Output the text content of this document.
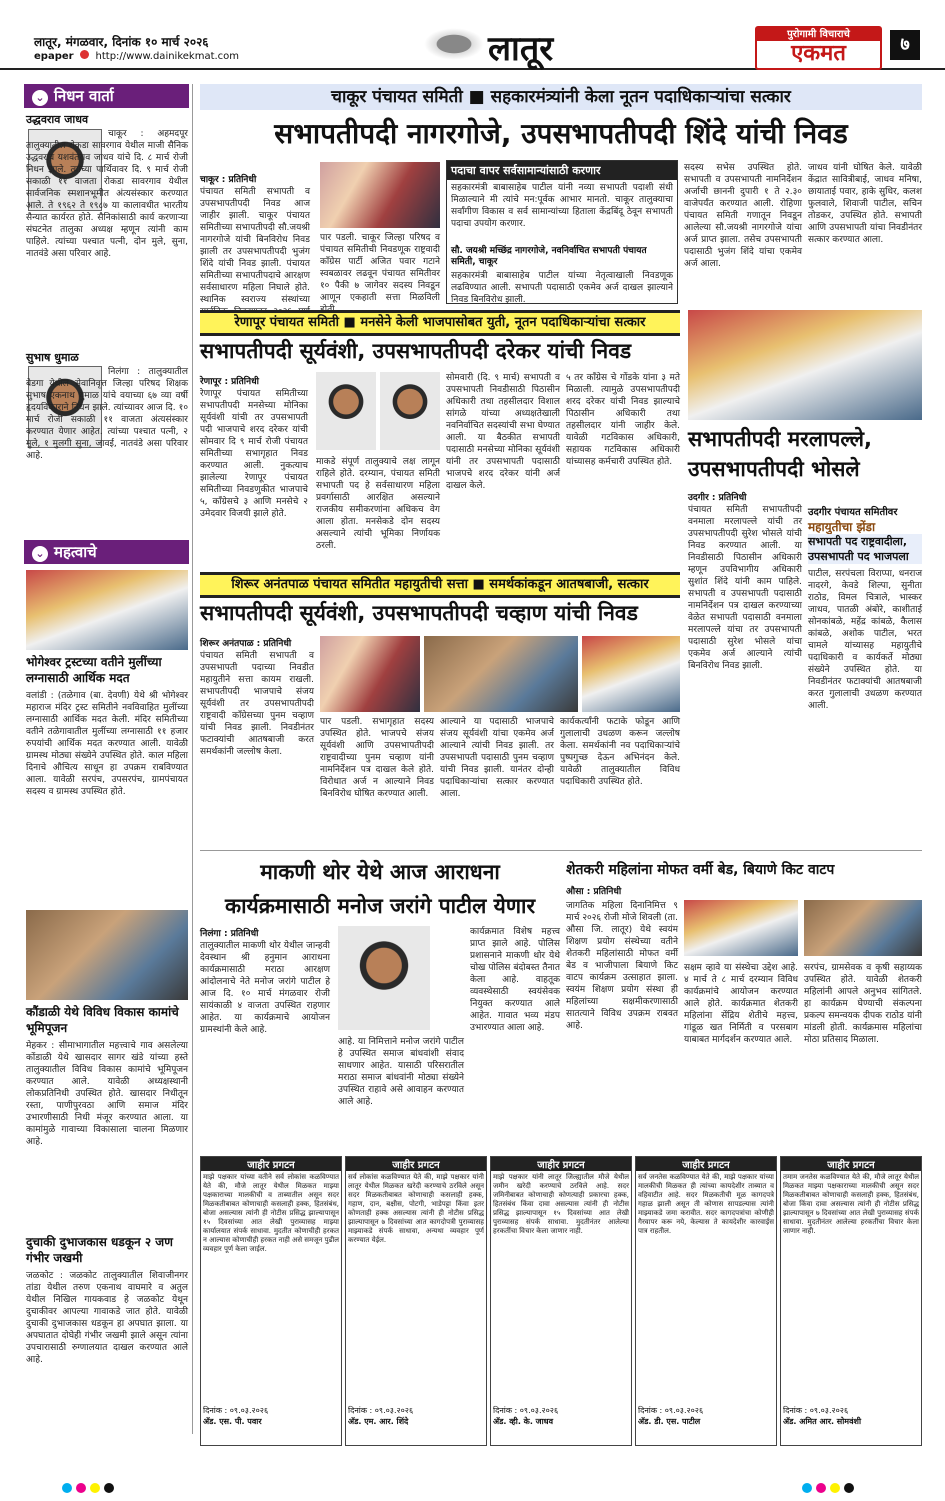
लातूर, मंगळवार, दिनांक १० मार्च २०२६
epaper http://www.dainikekmat.com	लातूर	पुरोगामी विचाराचे
एकमत	७
⌄ निधन वार्ता
उद्धवराव जाधव
चाकूर : अहमदपूर तालुक्यातील रोकडा सावरगाव येथील माजी सैनिक उद्धवराव यशवंतराव जाधव यांचे दि. ८ मार्च रोजी निधन झाले. त्यांच्या पार्थिवावर दि. ९ मार्च रोजी सकाळी ११ वाजता रोकडा सावरगाव येथील सार्वजनिक स्मशानभूमीत अंत्यसंस्कार करण्यात आले. ते १९६२ ते १९८७ या कालावधीत भारतीय सैन्यात कार्यरत होते. सैनिकांसाठी कार्य करणाऱ्या संघटनेत तालुका अध्यक्ष म्हणून त्यांनी काम पाहिले. त्यांच्या पश्चात पत्नी, दोन मुले, सुना, नातवंडे असा परिवार आहे.
सुभाष धुमाळ
निलंगा : तालुक्यातील बेडगा येथील सेवानिवृत्त जिल्हा परिषद शिक्षक सुभाष एकनाथ धुमाळ यांचे वयाच्या ६७ व्या वर्षी हृदयविकाराने निधन झाले. त्यांच्यावर आज दि. १० मार्च रोजी सकाळी ११ वाजता अंत्यसंस्कार करण्यात येणार आहेत. त्यांच्या पश्चात पत्नी, २ मुले, १ मुलगी सुना, जावई, नातवंडे असा परिवार आहे.
⌄ महत्वाचे
भोगेश्वर ट्रस्टच्या वतीने मुलींच्या लग्नासाठी आर्थिक मदत
वलांडी : (तळेगाव (बा. देवणी) येथे श्री भोगेश्वर महाराज मंदिर ट्रस्ट समितीने नवविवाहित मुलींच्या लग्नासाठी आर्थिक मदत केली. मंदिर समितीच्या वतीने तळेगावातील मुलींच्या लग्नासाठी ११ हजार रुपयांची आर्थिक मदत करण्यात आली. यावेळी ग्रामस्थ मोठ्या संख्येने उपस्थित होते. काल महिला दिनाचे औचित्य साधून हा उपक्रम राबविण्यात आला. यावेळी सरपंच, उपसरपंच, ग्रामपंचायत सदस्य व ग्रामस्थ उपस्थित होते.
कौंडाळी येथे विविध विकास कामांचे भूमिपूजन
मेहकर : सीमाभागातील महत्त्वाचे गाव असलेल्या कोंडाळी येथे खासदार सागर खंडे यांच्या हस्ते तालुक्यातील विविध विकास कामांचे भूमिपूजन करण्यात आले. यावेळी अध्यक्षस्थानी लोकप्रतिनिधी उपस्थित होते. खासदार निधीतून रस्ता, पाणीपुरवठा आणि समाज मंदिर उभारणीसाठी निधी मंजूर करण्यात आला. या कामांमुळे गावाच्या विकासाला चालना मिळणार आहे.
दुचाकी दुभाजकास धडकून २ जण गंभीर जखमी
जळकोट : जळकोट तालुक्यातील शिवाजीनगर तांडा येथील तरुण एकनाथ वाघमारे व अतुल येथील निखिल गायकवाड हे जळकोट येथून दुचाकीवर आपल्या गावाकडे जात होते. यावेळी दुचाकी दुभाजकास धडकून हा अपघात झाला. या अपघातात दोघेही गंभीर जखमी झाले असून त्यांना उपचारासाठी रुग्णालयात दाखल करण्यात आले आहे.
चाकूर पंचायत समिती ■ सहकारमंत्र्यांनी केला नूतन पदाधिकाऱ्यांचा सत्कार
सभापतीपदी नागरगोजे, उपसभापतीपदी शिंदे यांची निवड
चाकूर : प्रतिनिधी
पंचायत समिती सभापती व उपसभापतीपदी निवड आज जाहीर झाली. चाकूर पंचायत समितीच्या सभापतीपदी सौ.जयश्री नागरगोजे यांची बिनविरोध निवड झाली तर उपसभापतीपदी भुजंग शिंदे यांची निवड झाली. पंचायत समितीच्या सभापतीपदाचे आरक्षण सर्वसाधारण महिला निघाले होते. स्थानिक स्वराज्य संस्थांच्या
पार पडली. चाकूर जिल्हा परिषद व पंचायत समितीची निवडणूक राष्ट्रवादी काँग्रेस पार्टी अजित पवार गटाने स्वबळावर लढवून पंचायत समितीवर १० पैकी ७ जागेवर सदस्य निवडून आणून एकहाती सत्ता मिळविली
पदाचा वापर सर्वसामान्यांसाठी करणार
सहकारमंत्री बाबासाहेब पाटील यांनी नव्या सभापती पदाशी संधी मिळाल्याने मी त्यांचे मन:पूर्वक आभार मानतो. चाकूर तालुक्याचा सर्वांगीण विकास व सर्व सामान्यांच्या हिताला केंद्रबिंदू ठेवून सभापती पदाचा उपयोग करणार.
सौ. जयश्री मच्छिंद्र नागरगोजे, नवनिर्वाचित सभापती पंचायत समिती, चाकूर
सहकारमंत्री बाबासाहेब पाटील यांच्या नेतृत्वाखाली निवडणूक लढविण्यात आली. सभापती पदासाठी एकमेव अर्ज दाखल झाल्याने निवड बिनविरोध झाली.
सदस्य सभेस उपस्थित होते. सभापती व उपसभापती नामनिर्देशन अर्जाची छाननी दुपारी १ ते २.३० वाजेपर्यंत करण्यात आली. रोहिणा पंचायत समिती गणातून निवडून आलेल्या सौ.जयश्री नागरगोजे यांचा अर्ज प्राप्त झाला. तसेच उपसभापती पदासाठी भुजंग शिंदे यांचा एकमेव अर्ज आला.
जाधव यांनी घोषित केले. यावेळी केंद्रात सावित्रीबाई, जाधव मनिषा, छायाताई पवार, हाके सुधिर, कलश फुलवाले, शिवाजी पाटील, सचिन तोडकर, उपस्थित होते. सभापती आणि उपसभापती यांचा निवडीनंतर सत्कार करण्यात आला.
रेणापूर पंचायत समिती ■ मनसेने केली भाजपासोबत युती, नूतन पदाधिकाऱ्यांचा सत्कार
सभापतीपदी सूर्यवंशी, उपसभापतीपदी दरेकर यांची निवड
रेणापूर : प्रतिनिधी
रेणापूर पंचायत समितीच्या सभापतीपदी मनसेच्या मोनिका सूर्यवंशी यांची तर उपसभापती पदी भाजपाचे शरद दरेकर यांची सोमवार दि ९ मार्च रोजी पंचायत समितीच्या सभागृहात निवड करण्यात आली. नुकत्याच झालेल्या रेणापूर पंचायत समितीच्या निवडणुकीत भाजपाचे ५, काँग्रेसचे ३ आणि मनसेचे २ उमेदवार विजयी झाले होते.
माकडे संपूर्ण तालुक्याचे लक्ष लागून राहिले होते. दरम्यान, पंचायत समिती सभापती पद हे सर्वसाधारण महिला प्रवर्गासाठी आरक्षित असल्याने राजकीय समीकरणांना अधिकच वेग आला होता. मनसेकडे दोन सदस्य असल्याने त्यांची भूमिका निर्णायक ठरली.
सोमवारी (दि. ९ मार्च) सभापती व उपसभापती निवडीसाठी पिठासीन अधिकारी तथा तहसीलदार विशाल सांगळे यांच्या अध्यक्षतेखाली नवनिर्वाचित सदस्यांची सभा घेण्यात आली. या बैठकीत सभापती पदासाठी मनसेच्या मोनिका सूर्यवंशी यांनी तर उपसभापती पदासाठी भाजपचे शरद दरेकर यांनी अर्ज दाखल केले.
५ तर काँग्रेस चे गोंडके यांना ३ मते मिळाली. त्यामुळे उपसभापतीपदी शरद दरेकर यांची निवड झाल्याचे पिठासीन अधिकारी तथा तहसीलदार यांनी जाहीर केले. यावेळी गटविकास अधिकारी, सहायक गटविकास अधिकारी यांच्यासह कर्मचारी उपस्थित होते.
सभापतीपदी मरलापल्ले, उपसभापतीपदी भोसले
उदगीर : प्रतिनिधी
उदगीर पंचायत समितीवर
महायुतीचा झेंडा
सभापती पद राष्ट्रवादीला, उपसभापती पद भाजपला
पंचायत समिती सभापतीपदी वनमाला मरलापल्ले यांची तर उपसभापतीपदी सुरेश भोसले यांची निवड करण्यात आली. या निवडीसाठी पिठासीन अधिकारी म्हणून उपविभागीय अधिकारी सुशांत शिंदे यांनी काम पाहिले. सभापती व उपसभापती पदासाठी नामनिर्देशन पत्र दाखल करण्याच्या वेळेत सभापती पदासाठी वनमाला मरलापल्ले यांचा तर उपसभापती पदासाठी सुरेश भोसले यांचा एकमेव अर्ज आल्याने त्यांची बिनविरोध निवड झाली.
पाटील, सरपंचला विराप्पा, धनराज नादरगे, केवडे शिल्पा, सुनीता राठोड, विमल चित्राले, भास्कर जाधव, पातळी अंबोरे, काशीताई सोनकांबळे, महेंद्र कांबळे, कैलास कांबळे, अशोक पाटील, भरत चामले यांच्यासह महायुतीचे पदाधिकारी व कार्यकर्ते मोठ्या संख्येने उपस्थित होते. या निवडीनंतर फटाक्यांची आतषबाजी करत गुलालाची उधळण करण्यात आली.
शिरूर अनंतपाळ पंचायत समितीत महायुतीची सत्ता ■ समर्थकांकडून आतषबाजी, सत्कार
सभापतीपदी सूर्यवंशी, उपसभापतीपदी चव्हाण यांची निवड
शिरूर अनंतपाळ : प्रतिनिधी
पंचायत समिती सभापती व उपसभापती पदाच्या निवडीत महायुतीने सत्ता कायम राखली. सभापतीपदी भाजपाचे संजय सूर्यवंशी तर उपसभापतीपदी राष्ट्रवादी काँग्रेसच्या पुनम चव्हाण यांची निवड झाली. निवडीनंतर फटाक्यांची आतषबाजी करत समर्थकांनी जल्लोष केला.
पार पडली. सभागृहात सदस्य उपस्थित होते. भाजपचे संजय सूर्यवंशी आणि उपसभापतीपदी राष्ट्रवादीच्या पुनम चव्हाण यांनी नामनिर्देशन पत्र दाखल केले होते. विरोधात अर्ज न आल्याने निवड बिनविरोध घोषित करण्यात आली.
आल्याने या पदासाठी भाजपाचे संजय सूर्यवंशी यांचा एकमेव अर्ज आल्याने त्यांची निवड झाली. तर उपसभापती पदासाठी पुनम चव्हाण यांची निवड झाली. यानंतर दोन्ही पदाधिकाऱ्यांचा सत्कार करण्यात आला.
कार्यकर्त्यांनी फटाके फोडून आणि गुलालाची उधळण करून जल्लोष केला. समर्थकांनी नव पदाधिकाऱ्यांचे पुष्पगुच्छ देऊन अभिनंदन केले. यावेळी तालुक्यातील विविध पदाधिकारी उपस्थित होते.
माकणी थोर येथे आज आराधना
कार्यक्रमासाठी मनोज जरांगे पाटील येणार
निलंगा : प्रतिनिधी
तालुक्यातील माकणी थोर येथील जान्हवी देवस्थान श्री हनुमान आराधना कार्यक्रमासाठी मराठा आरक्षण आंदोलनाचे नेते मनोज जरांगे पाटील हे आज दि. १० मार्च मंगळवार रोजी सायंकाळी ४ वाजता उपस्थित राहणार आहेत. या कार्यक्रमाचे आयोजन ग्रामस्थांनी केले आहे.
आहे. या निमित्ताने मनोज जरांगे पाटील हे उपस्थित समाज बांधवांशी संवाद साधणार आहेत. यासाठी परिसरातील मराठा समाज बांधवांनी मोठ्या संख्येने उपस्थित राहावे असे आवाहन करण्यात आले आहे.
कार्यक्रमात विशेष महत्त्व प्राप्त झाले आहे. पोलिस प्रशासनाने माकणी थोर येथे चोख पोलिस बंदोबस्त तैनात केला आहे. वाहतूक व्यवस्थेसाठी स्वयंसेवक नियुक्त करण्यात आले आहेत. गावात भव्य मंडप उभारण्यात आला आहे.
शेतकरी महिलांना मोफत वर्मी बेड, बियाणे किट वाटप
औसा : प्रतिनिधी
जागतिक महिला दिनानिमित्त ९ मार्च २०२६ रोजी मोजे शिवली (ता. औसा जि. लातूर) येथे स्वयंम शिक्षण प्रयोग संस्थेच्या वतीने शेतकरी महिलांसाठी मोफत वर्मी बेड व भाजीपाला बियाणे किट वाटप कार्यक्रम उत्साहात झाला. स्वयंम शिक्षण प्रयोग संस्था ही महिलांच्या सक्षमीकरणासाठी सातत्याने विविध उपक्रम राबवत आहे.
सक्षम व्हावे या संस्थेचा उद्देश आहे. ४ मार्च ते ८ मार्च दरम्यान विविध कार्यक्रमांचे आयोजन करण्यात आले होते. कार्यक्रमात शेतकरी महिलांना सेंद्रिय शेतीचे महत्त्व, गांडूळ खत निर्मिती व परसबाग याबाबत मार्गदर्शन करण्यात आले.
सरपंच, ग्रामसेवक व कृषी सहाय्यक उपस्थित होते. यावेळी शेतकरी महिलांनी आपले अनुभव सांगितले. हा कार्यक्रम घेण्याची संकल्पना प्रकल्प समन्वयक दीपक राठोड यांनी मांडली होती. कार्यक्रमास महिलांचा मोठा प्रतिसाद मिळाला.
जाहीर प्रगटन
माझे पक्षकार यांच्या वतीने सर्व लोकांस कळविण्यात येते की, मौजे लातूर येथील मिळकत माझ्या पक्षकाराच्या मालकीची व ताब्यातील असून सदर मिळकतीबाबत कोणाचाही कसलाही हक्क, हितसंबंध, बोजा असल्यास त्यांनी ही नोटीस प्रसिद्ध झाल्यापासून १५ दिवसांच्या आत लेखी पुराव्यासह माझ्या कार्यालयात संपर्क साधावा. मुदतीत कोणाचीही हरकत न आल्यास कोणाचीही हरकत नाही असे समजून पुढील व्यवहार पूर्ण केला जाईल.
दिनांक : ०९.०३.२०२६
अ‍ॅड. एस. पी. पवार
जाहीर प्रगटन
सर्व लोकांस कळविण्यात येते की, माझे पक्षकार यांनी लातूर येथील मिळकत खरेदी करण्याचे ठरविले असून सदर मिळकतीबाबत कोणाचाही कसलाही हक्क, गहाण, दान, बक्षीस, पोटगी, भाडेपट्टा किंवा इतर कोणताही हक्क असल्यास त्यांनी ही नोटीस प्रसिद्ध झाल्यापासून ७ दिवसांच्या आत कागदोपत्री पुराव्यासह माझ्याकडे संपर्क साधावा, अन्यथा व्यवहार पूर्ण करण्यात येईल.
दिनांक : ०९.०३.२०२६
अ‍ॅड. एम. आर. शिंदे
जाहीर प्रगटन
माझे पक्षकार यांनी लातूर जिल्ह्यातील मौजे येथील जमीन खरेदी करण्याचे ठरविले आहे. सदर जमिनीबाबत कोणाचाही कोणत्याही प्रकारचा हक्क, हितसंबंध किंवा दावा असल्यास त्यांनी ही नोटीस प्रसिद्ध झाल्यापासून १५ दिवसांच्या आत लेखी पुराव्यासह संपर्क साधावा. मुदतीनंतर आलेल्या हरकतींचा विचार केला जाणार नाही.
दिनांक : ०९.०३.२०२६
अ‍ॅड. व्ही. के. जाधव
जाहीर प्रगटन
सर्व जनतेस कळविण्यात येते की, माझे पक्षकार यांच्या मालकीची मिळकत ही त्यांच्या कायदेशीर ताब्यात व वहिवाटीत आहे. सदर मिळकतीची मूळ कागदपत्रे गहाळ झाली असून ती कोणास सापडल्यास त्यांनी माझ्याकडे जमा करावीत. सदर कागदपत्रांचा कोणीही गैरवापर करू नये, केल्यास ते कायदेशीर कारवाईस पात्र राहतील.
दिनांक : ०९.०३.२०२६
अ‍ॅड. डी. एस. पाटील
जाहीर प्रगटन
तमाम जनतेस कळविण्यात येते की, मौजे लातूर येथील मिळकत माझ्या पक्षकाराच्या मालकीची असून सदर मिळकतीबाबत कोणाचाही कसलाही हक्क, हितसंबंध, बोजा किंवा दावा असल्यास त्यांनी ही नोटीस प्रसिद्ध झाल्यापासून ७ दिवसांच्या आत लेखी पुराव्यासह संपर्क साधावा. मुदतीनंतर आलेल्या हरकतींचा विचार केला जाणार नाही.
दिनांक : ०९.०३.२०२६
अ‍ॅड. अमित आर. सोमवंशी
